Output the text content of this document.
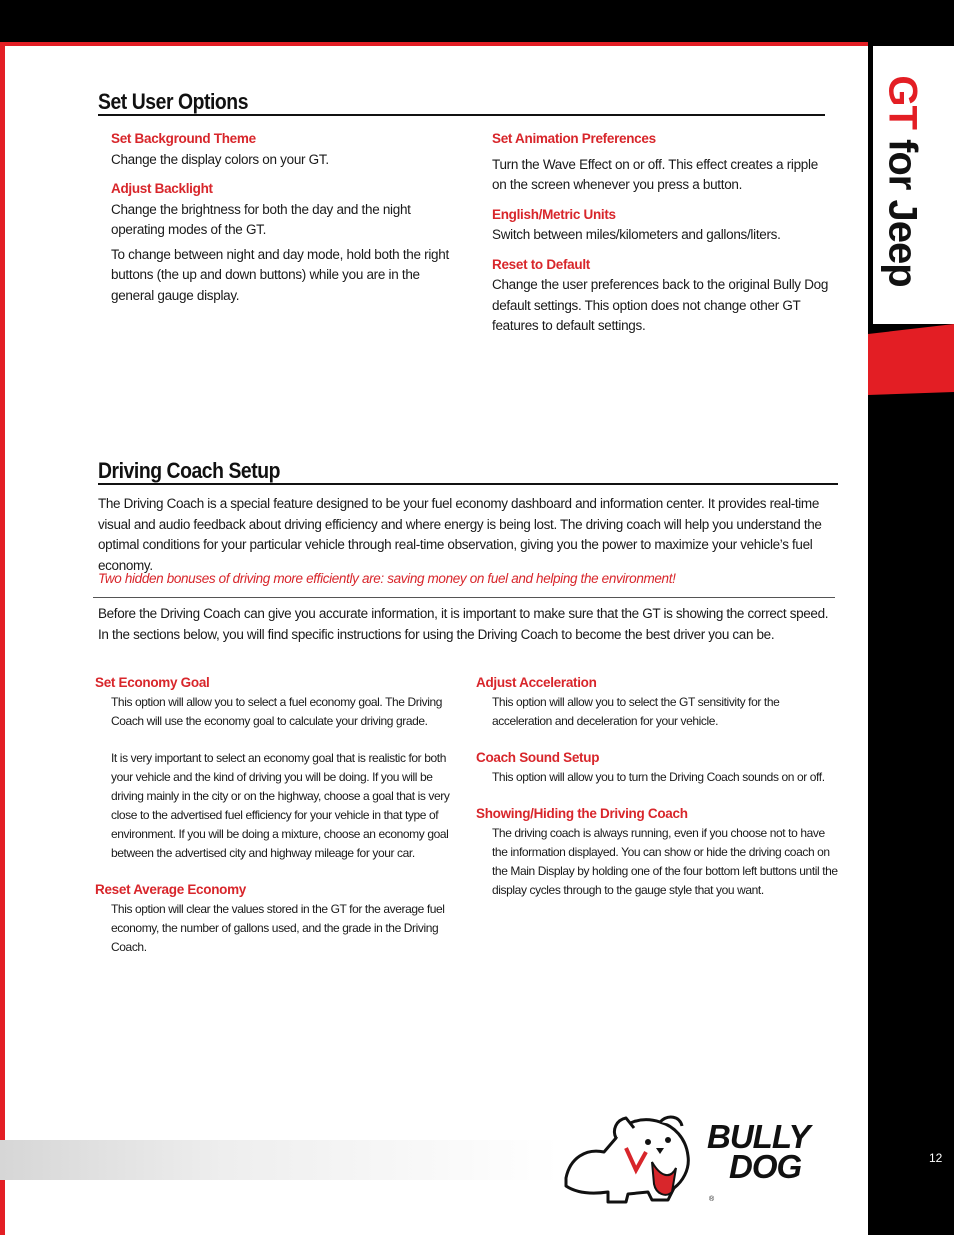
GT for Jeep
Set User Options
Set Background Theme

Change the display colors on your GT.

Adjust Backlight

Change the brightness for both the day and the night operating modes of the GT.

To change between night and day mode, hold both the right buttons (the up and down buttons) while you are in the general gauge display.

Set Animation Preferences

Turn the Wave Effect on or off. This effect creates a ripple on the screen whenever you press a button.

English/Metric Units

Switch between miles/kilometers and gallons/liters.

Reset to Default

Change the user preferences back to the original Bully Dog default settings. This option does not change other GT features to default settings.

Driving Coach Setup
The Driving Coach is a special feature designed to be your fuel economy dashboard and information center. It provides real-time visual and audio feedback about driving efficiency and where energy is being lost. The driving coach will help you understand the optimal conditions for your particular vehicle through real-time observation, giving you the power to maximize your vehicle’s fuel economy.
Two hidden bonuses of driving more efficiently are: saving money on fuel and helping the environment!
Before the Driving Coach can give you accurate information, it is important to make sure that the GT is showing the correct speed. In the sections below, you will find specific instructions for using the Driving Coach to become the best driver you can be.
Set Economy Goal
This option will allow you to select a fuel economy goal. The Driving Coach will use the economy goal to calculate your driving grade.
It is very important to select an economy goal that is realistic for both your vehicle and the kind of driving you will be doing. If you will be driving mainly in the city or on the highway, choose a goal that is very close to the advertised fuel efficiency for your vehicle in that type of environment. If you will be doing a mixture, choose an economy goal between the advertised city and highway mileage for your car.
Reset Average Economy
This option will clear the values stored in the GT for the average fuel economy, the number of gallons used, and the grade in the Driving Coach.
Adjust Acceleration
This option will allow you to select the GT sensitivity for the acceleration and deceleration for your vehicle.
Coach Sound Setup
This option will allow you to turn the Driving Coach sounds on or off.
Showing/Hiding the Driving Coach
The driving coach is always running, even if you choose not to have the information displayed. You can show or hide the driving coach on the Main Display by holding one of the four bottom left buttons until the display cycles through to the gauge style that you want.
BULLY
DOG
®
12
